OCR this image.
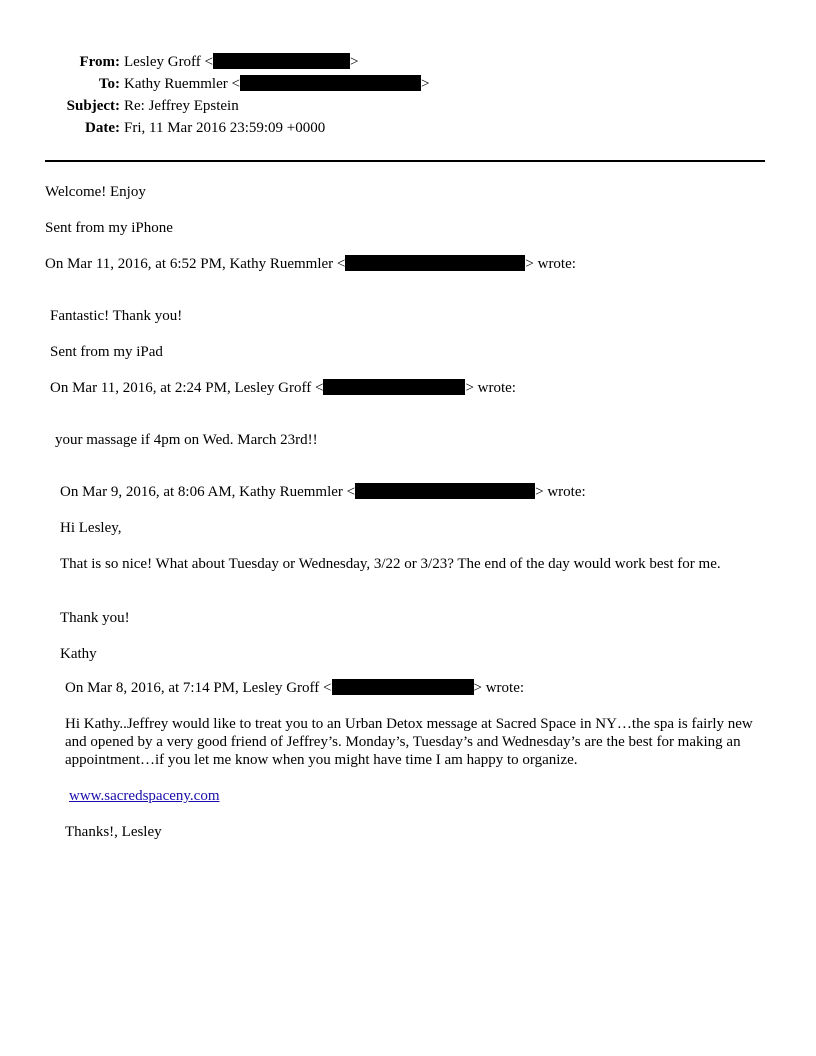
From: Lesley Groff <	>
To: Kathy Ruemmler <	>
Subject: Re: Jeffrey Epstein
Date: Fri, 11 Mar 2016 23:59:09 +0000
Welcome! Enjoy
Sent from my iPhone
On Mar 11, 2016, at 6:52 PM, Kathy Ruemmler <	> wrote:
Fantastic! Thank you!
Sent from my iPad
On Mar 11, 2016, at 2:24 PM, Lesley Groff <	> wrote:
your massage if 4pm on Wed. March 23rd!!
On Mar 9, 2016, at 8:06 AM, Kathy Ruemmler <	> wrote:
Hi Lesley,
That is so nice! What about Tuesday or Wednesday, 3/22 or 3/23? The end of the day would work best for me.
Thank you!
Kathy
On Mar 8, 2016, at 7:14 PM, Lesley Groff <	> wrote:
Hi Kathy..Jeffrey would like to treat you to an Urban Detox message at Sacred Space in NY…the spa is fairly new and opened by a very good friend of Jeffrey’s. Monday’s, Tuesday’s and Wednesday’s are the best for making an appointment…if you let me know when you might have time I am happy to organize.
www.sacredspaceny.com
Thanks!, Lesley
